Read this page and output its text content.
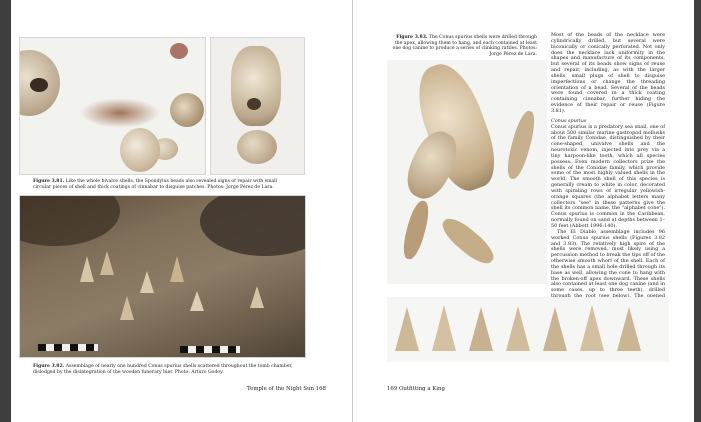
Figure 3.81. Like the whole bivalve shells, the Spondylus beads also revealed signs of repair with small circular pieces of shell and thick coatings of cinnabar to disguise patches. Photos: Jorge Pérez de Lara.
Figure 3.82. Assemblage of nearly one hundred Conus spurius shells scattered throughout the tomb chamber, dislodged by the disintegration of the wooden funerary bier. Photo: Arturo Godoy.
Temple of the Night Sun 168
Figure 3.83. The Conus spurius shells were drilled through the apex, allowing them to hang, and each contained at least one dog canine to produce a series of clinking rattles. Photos: Jorge Pérez de Lara.

Most of the beads of the necklace were cylindrically drilled, but several were biconically or conically perforated. Not only does the necklace lack uniformity in the shapes and manufacture of its components, but several of its beads show signs of reuse and repair, including, as with the larger shells, small plugs of shell to disguise imperfections or change the threading orientation of a bead. Several of the beads were found covered in a thick coating containing cinnabar, further hiding the evidence of their repair or reuse (Figure 3.81).

Conus spurius

Conus spurius is a predatory sea snail, one of about 500 similar marine gastropod mollusks of the family Conidae, distinguished by their cone-shaped, univalve shells and the neurotoxic venom, injected into prey via a tiny harpoon-like tooth, which all species possess. Even modern collectors prize the shells of the Conidae family, which provide some of the most highly valued shells in the world. The smooth shell of this species is generally cream to white in color, decorated with spiraling rows of irregular yellowish-orange squares (the alphabet letters many collectors "see" in these patterns give the shell its common name, the "alphabet cone"). Conus spurius is common in the Caribbean, normally found on sand at depths between 1–50 feet (Abbott 1996:140).

The El Diablo assemblage includes 96 worked Conus spurius shells (Figures 3.82 and 3.83). The relatively high spire of the shells were removed, most likely using a percussion method to break the tips off of the otherwise smooth whorl of the shell. Each of the shells has a small hole drilled through its base as well, allowing the cone to hang with the broken-off apex downward. These shells also contained at least one dog canine (and in some cases, up to three teeth), drilled

169 Outfitting a King
